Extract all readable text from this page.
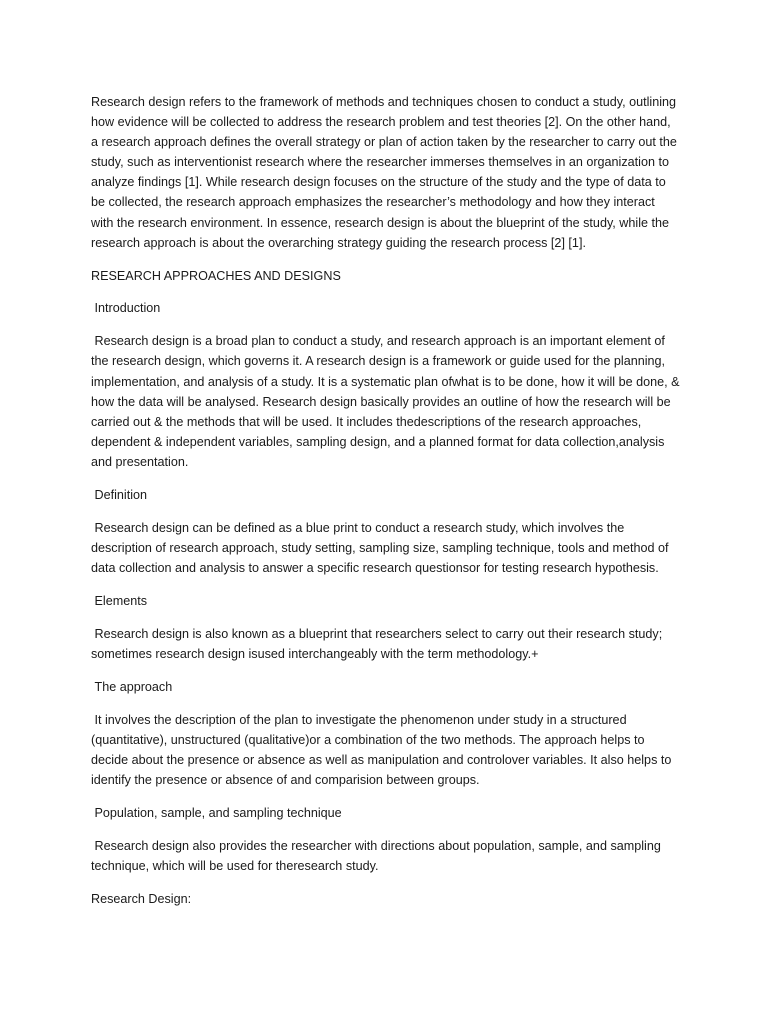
Research design refers to the framework of methods and techniques chosen to conduct a study, outlining how evidence will be collected to address the research problem and test theories [2]. On the other hand, a research approach defines the overall strategy or plan of action taken by the researcher to carry out the study, such as interventionist research where the researcher immerses themselves in an organization to analyze findings [1]. While research design focuses on the structure of the study and the type of data to be collected, the research approach emphasizes the researcher’s methodology and how they interact with the research environment. In essence, research design is about the blueprint of the study, while the research approach is about the overarching strategy guiding the research process [2] [1].

RESEARCH APPROACHES AND DESIGNS

Introduction

Research design is a broad plan to conduct a study, and research approach is an important element of the research design, which governs it. A research design is a framework or guide used for the planning, implementation, and analysis of a study. It is a systematic plan ofwhat is to be done, how it will be done, & how the data will be analysed. Research design basically provides an outline of how the research will be carried out & the methods that will be used. It includes thedescriptions of the research approaches, dependent & independent variables, sampling design, and a planned format for data collection,analysis and presentation.

Definition

Research design can be defined as a blue print to conduct a research study, which involves the description of research approach, study setting, sampling size, sampling technique, tools and method of data collection and analysis to answer a specific research questionsor for testing research hypothesis.

Elements

Research design is also known as a blueprint that researchers select to carry out their research study; sometimes research design isused interchangeably with the term methodology.+

The approach

It involves the description of the plan to investigate the phenomenon under study in a structured (quantitative), unstructured (qualitative)or a combination of the two methods. The approach helps to decide about the presence or absence as well as manipulation and controlover variables. It also helps to identify the presence or absence of and comparision between groups.

Population, sample, and sampling technique

Research design also provides the researcher with directions about population, sample, and sampling technique, which will be used for theresearch study.

Research Design:
